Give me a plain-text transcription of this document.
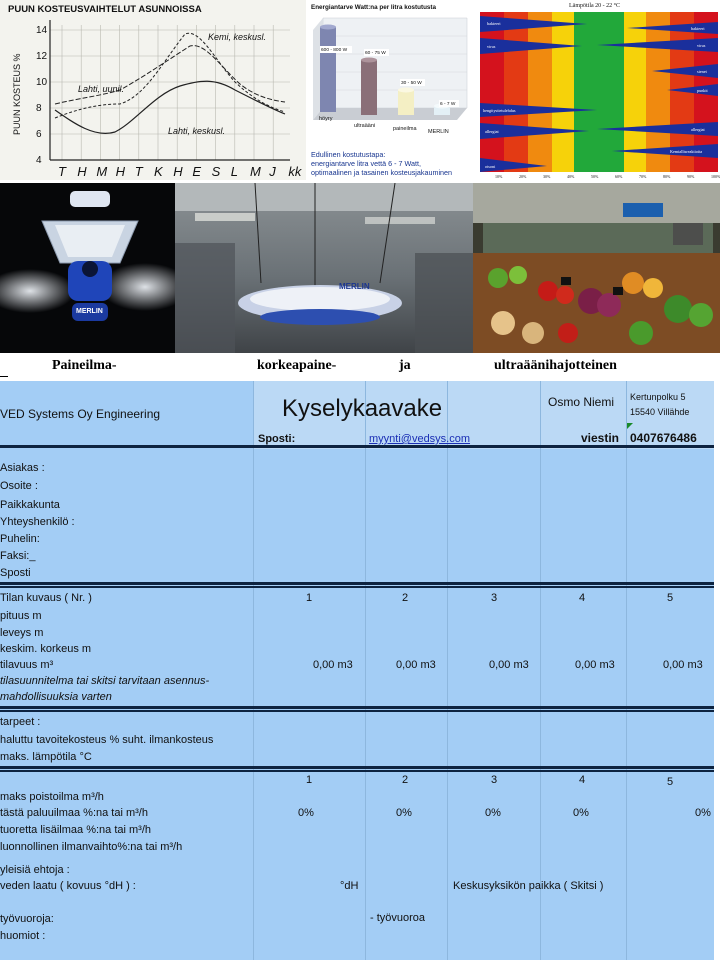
PUUN KOSTEUSVAIHTELUT ASUNNOISSA
PUUN KOSTEUS %
14
12
10
8
6
4
T H M H T K H E S L M J kk
Kemi, keskusl.
Lahti, uunil.
Lahti, keskusl.
Energiantarve Watt:na per litra kostutusta
600 - 800 W
60 - 75 W
30 - 50 W
6 - 7 W
höyry
ultraääni	paineilma MERLIN
Edullinen kostutustapa:
energiantarve litra vettä 6 - 7 Watt,
optimaalinen ja tasainen kosteusjakauminen
Lämpötila 20 - 22 °C
bakteeri
virus
hengitystietulehdus
allergiat
otsoni
bakteeri
virus
sienet
punkit
allergiat
Kemiallisreaktioita
10%	20%	30%	40%	50%	60%	70%	80%	90%	100%
MERLIN
MERLIN
Paineilma-	korkeapaine-	ja	ultraäänihajotteinen
VED Systems Oy Engineering	Kyselykaavake	Osmo Niemi Kertunpolku 5
15540 Villähde
Sposti:	myynti@vedsys.com	viestin 0407676486
Asiakas :
Osoite :
Paikkakunta
Yhteyshenkilö :
Puhelin:
Faksi:_
Sposti
Tilan kuvaus ( Nr. )	1	2	3	4	5
pituus m
leveys m
keskim. korkeus m
tilavuus m³	0,00 m3	0,00 m3	0,00 m3	0,00 m3	0,00 m3
tilasuunnitelma tai skitsi tarvitaan asennus-
mahdollisuuksia varten
tarpeet :
haluttu tavoitekosteus % suht. ilmankosteus
maks. lämpötila °C
1	2	3	4	5
maks poistoilma m³/h
tästä paluuilmaa %:na tai m³/h	0%	0%	0%	0%	0%
tuoretta lisäilmaa %:na tai m³/h
luonnollinen ilmanvaihto%:na tai m³/h
yleisiä ehtoja :
veden laatu ( kovuus °dH ) :	°dH	Keskusyksikön paikka ( Skitsi )
työvuoroja:	- työvuoroa
huomiot :
